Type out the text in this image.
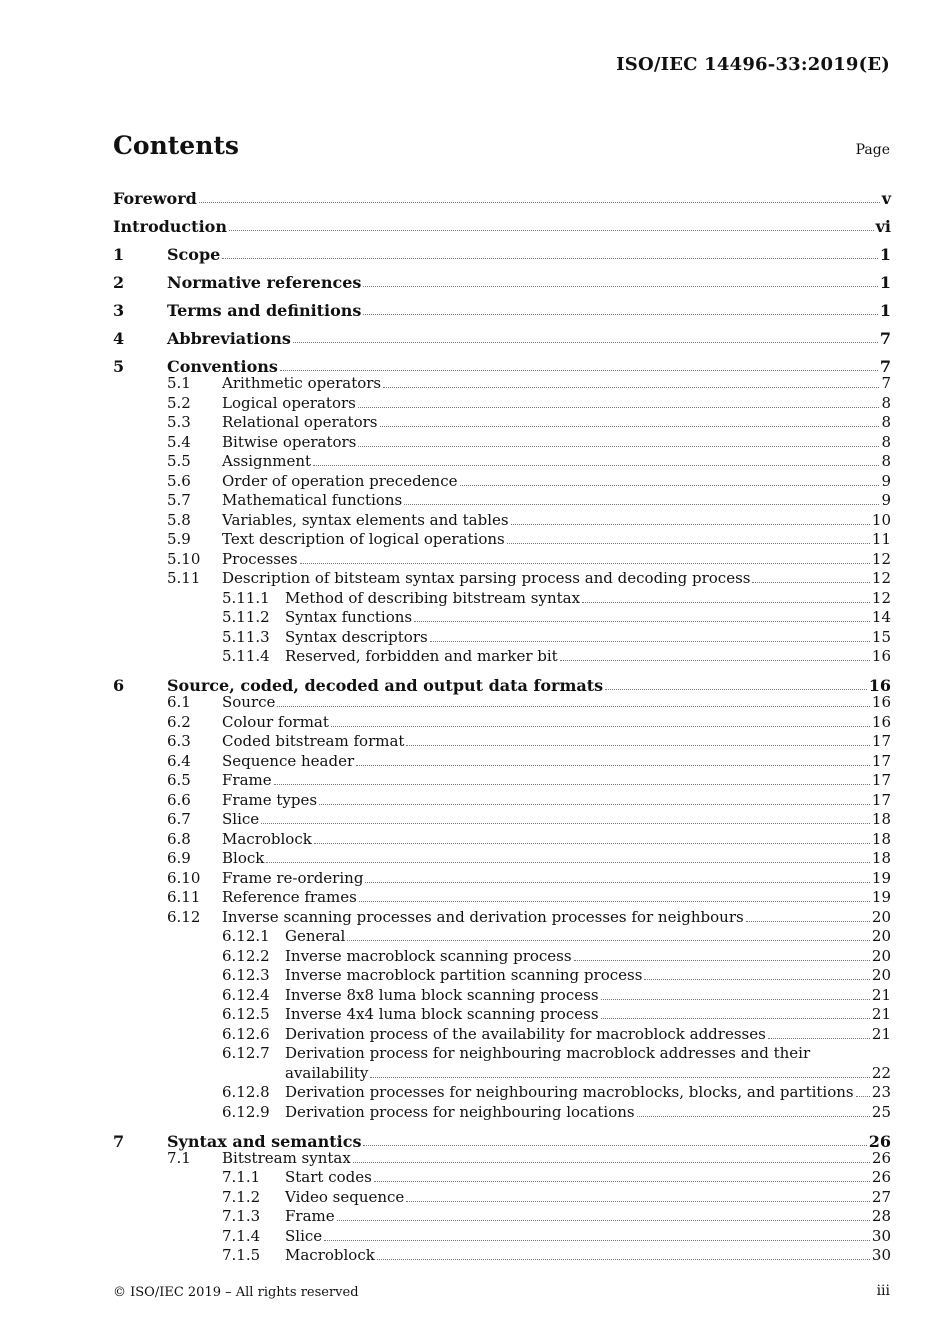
ISO/IEC 14496-33:2019(E)
Contents	Page
Foreword	v
Introduction	vi
1	Scope	1
2	Normative references	1
3	Terms and definitions	1
4	Abbreviations	7
5	Conventions	7
5.1	Arithmetic operators	7
5.2	Logical operators	8
5.3	Relational operators	8
5.4	Bitwise operators	8
5.5	Assignment	8
5.6	Order of operation precedence	9
5.7	Mathematical functions	9
5.8	Variables, syntax elements and tables	10
5.9	Text description of logical operations	11
5.10	Processes	12
5.11	Description of bitsteam syntax parsing process and decoding process	12
5.11.1	Method of describing bitstream syntax	12
5.11.2	Syntax functions	14
5.11.3	Syntax descriptors	15
5.11.4	Reserved, forbidden and marker bit	16
6	Source, coded, decoded and output data formats	16
6.1	Source	16
6.2	Colour format	16
6.3	Coded bitstream format	17
6.4	Sequence header	17
6.5	Frame	17
6.6	Frame types	17
6.7	Slice	18
6.8	Macroblock	18
6.9	Block	18
6.10	Frame re-ordering	19
6.11	Reference frames	19
6.12	Inverse scanning processes and derivation processes for neighbours	20
6.12.1	General	20
6.12.2	Inverse macroblock scanning process	20
6.12.3	Inverse macroblock partition scanning process	20
6.12.4	Inverse 8x8 luma block scanning process	21
6.12.5	Inverse 4x4 luma block scanning process	21
6.12.6	Derivation process of the availability for macroblock addresses	21
6.12.7	Derivation process for neighbouring macroblock addresses and their
availability	22
6.12.8	Derivation processes for neighbouring macroblocks, blocks, and partitions 23
6.12.9	Derivation process for neighbouring locations	25
7	Syntax and semantics	26
7.1	Bitstream syntax	26
7.1.1	Start codes	26
7.1.2	Video sequence	27
7.1.3	Frame	28
7.1.4	Slice	30
7.1.5	Macroblock	30
© ISO/IEC 2019 – All rights reserved	iii
